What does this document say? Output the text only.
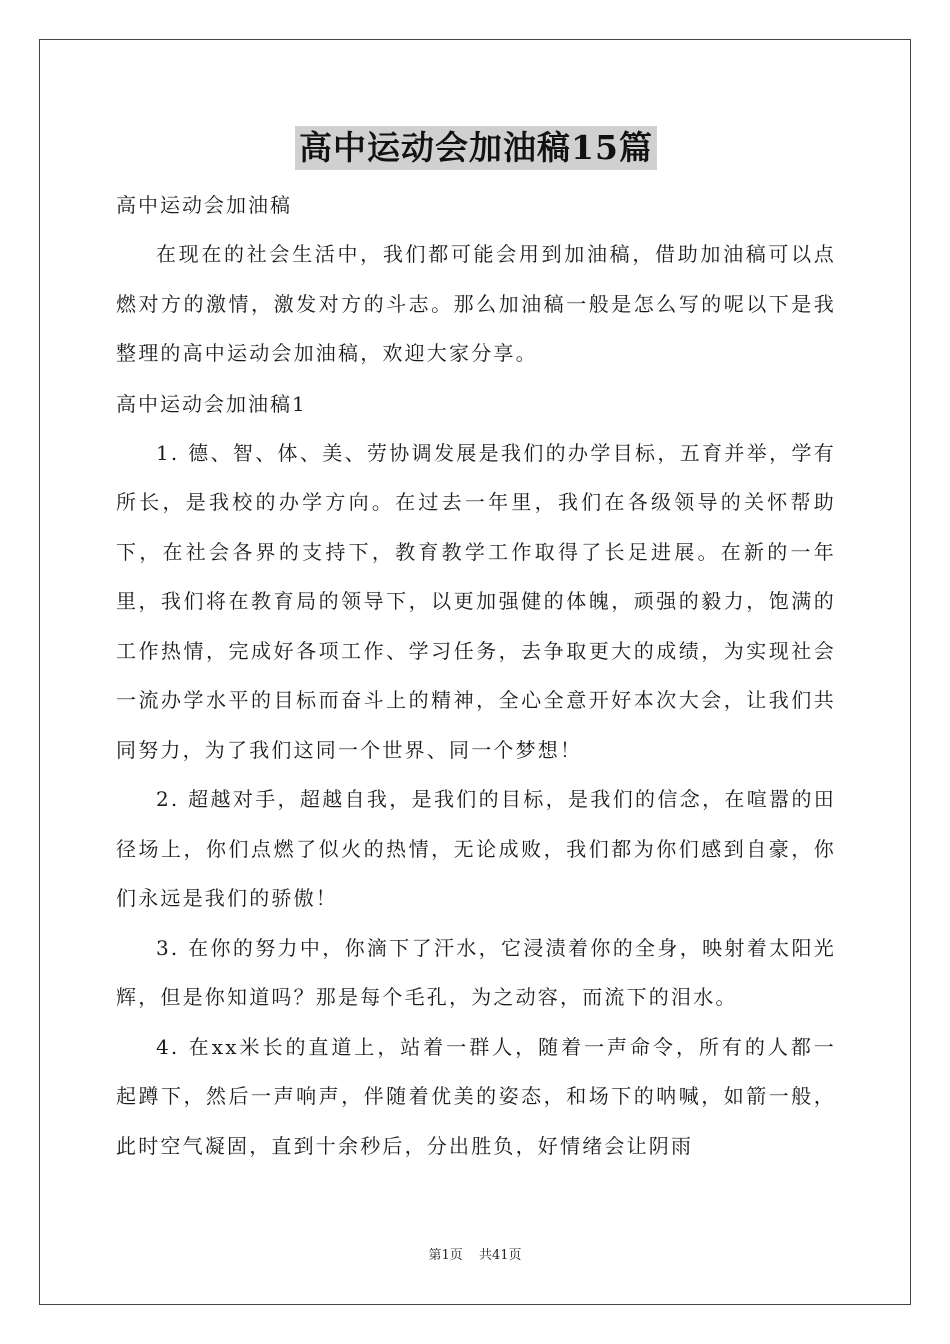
高中运动会加油稿15篇

高中运动会加油稿

在现在的社会生活中，我们都可能会用到加油稿，借助加油稿可以点燃对方的激情，激发对方的斗志。那么加油稿一般是怎么写的呢以下是我整理的高中运动会加油稿，欢迎大家分享。

高中运动会加油稿1

1. 德、智、体、美、劳协调发展是我们的办学目标，五育并举，学有所长，是我校的办学方向。在过去一年里，我们在各级领导的关怀帮助下，在社会各界的支持下，教育教学工作取得了长足进展。在新的一年里，我们将在教育局的领导下，以更加强健的体魄，顽强的毅力，饱满的工作热情，完成好各项工作、学习任务，去争取更大的成绩，为实现社会一流办学水平的目标而奋斗上的精神，全心全意开好本次大会，让我们共同努力，为了我们这同一个世界、同一个梦想！

2. 超越对手，超越自我，是我们的目标，是我们的信念，在喧嚣的田径场上，你们点燃了似火的热情，无论成败，我们都为你们感到自豪，你们永远是我们的骄傲！

3. 在你的努力中，你滴下了汗水，它浸渍着你的全身，映射着太阳光辉，但是你知道吗？那是每个毛孔，为之动容，而流下的泪水。

4. 在xx米长的直道上，站着一群人，随着一声命令，所有的人都一起蹲下，然后一声响声，伴随着优美的姿态，和场下的呐喊，如箭一般，此时空气凝固，直到十余秒后，分出胜负，好情绪会让阴雨

第1页 共41页
